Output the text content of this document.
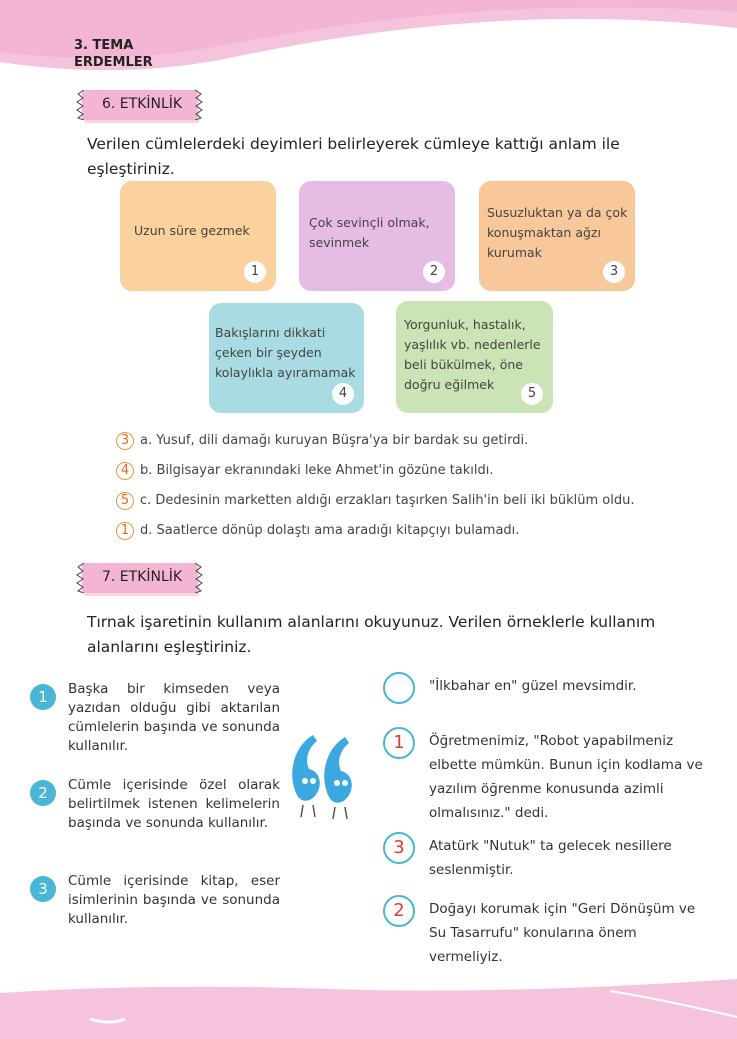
3. TEMA
ERDEMLER
6. ETKİNLİK
Verilen cümlelerdeki deyimleri belirleyerek cümleye kattığı anlam ile eşleştiriniz.
Uzun süre gezmek
1
Çok sevinçli olmak, sevinmek
2
Susuzluktan ya da çok konuşmaktan ağzı kurumak
3
Bakışlarını dikkati çeken bir şeyden kolaylıkla ayıramamak
4
Yorgunluk, hastalık, yaşlılık vb. nedenlerle beli bükülmek, öne doğru eğilmek
5
3 a. Yusuf, dili damağı kuruyan Büşra'ya bir bardak su getirdi.
4 b. Bilgisayar ekranındaki leke Ahmet'in gözüne takıldı.
5 c. Dedesinin marketten aldığı erzakları taşırken Salih'in beli iki büklüm oldu.
1 d. Saatlerce dönüp dolaştı ama aradığı kitapçıyı bulamadı.
7. ETKİNLİK
Tırnak işaretinin kullanım alanlarını okuyunuz. Verilen örneklerle kullanım alanlarını eşleştiriniz.
1	Başka bir kimseden veya yazıdan olduğu gibi aktarılan cümlelerin başında ve sonunda kullanılır.
2	Cümle içerisinde özel olarak belirtilmek istenen kelimelerin başında ve sonunda kullanılır.
3	Cümle içerisinde kitap, eser isimlerinin başında ve sonunda kullanılır.
"İlkbahar en" güzel mevsimdir.
1	Öğretmenimiz, "Robot yapabilmeniz elbette mümkün. Bunun için kodlama ve yazılım öğrenme konusunda azimli olmalısınız." dedi.
3	Atatürk "Nutuk" ta gelecek nesillere seslenmiştir.
2	Doğayı korumak için "Geri Dönüşüm ve Su Tasarrufu" konularına önem vermeliyiz.
